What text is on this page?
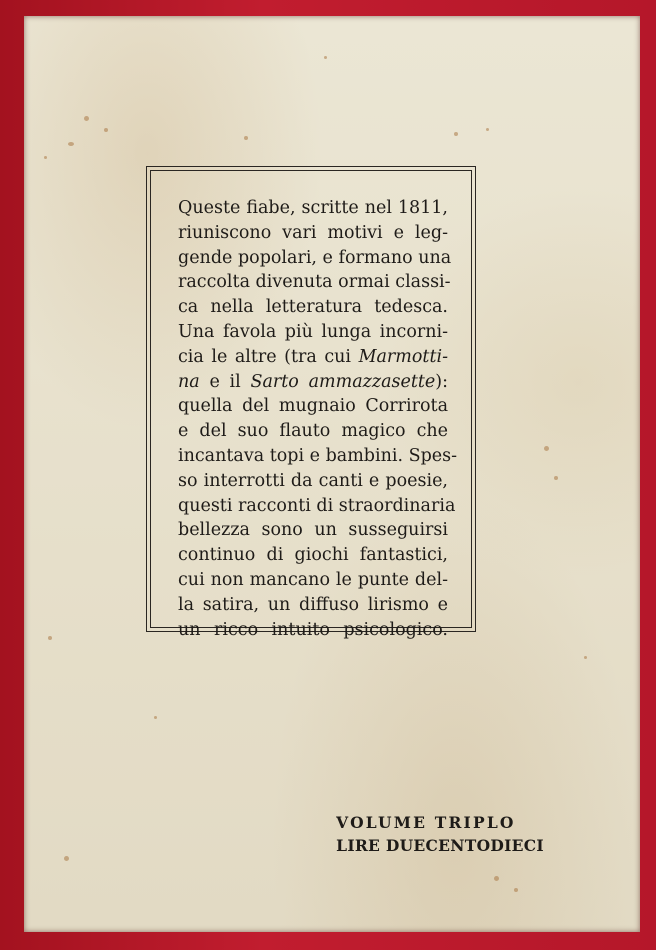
Queste fiabe, scritte nel 1811,
riuniscono vari motivi e leg-
gende popolari, e formano una
raccolta divenuta ormai classi-
ca nella letteratura tedesca.
Una favola più lunga incorni-
cia le altre (tra cui Marmotti-
na e il Sarto ammazzasette):
quella del mugnaio Corrirota
e del suo flauto magico che
incantava topi e bambini. Spes-
so interrotti da canti e poesie,
questi racconti di straordinaria
bellezza sono un susseguirsi
continuo di giochi fantastici,
cui non mancano le punte del-
la satira, un diffuso lirismo e
un ricco intuito psicologico.
VOLUME TRIPLO
LIRE DUECENTODIECI
